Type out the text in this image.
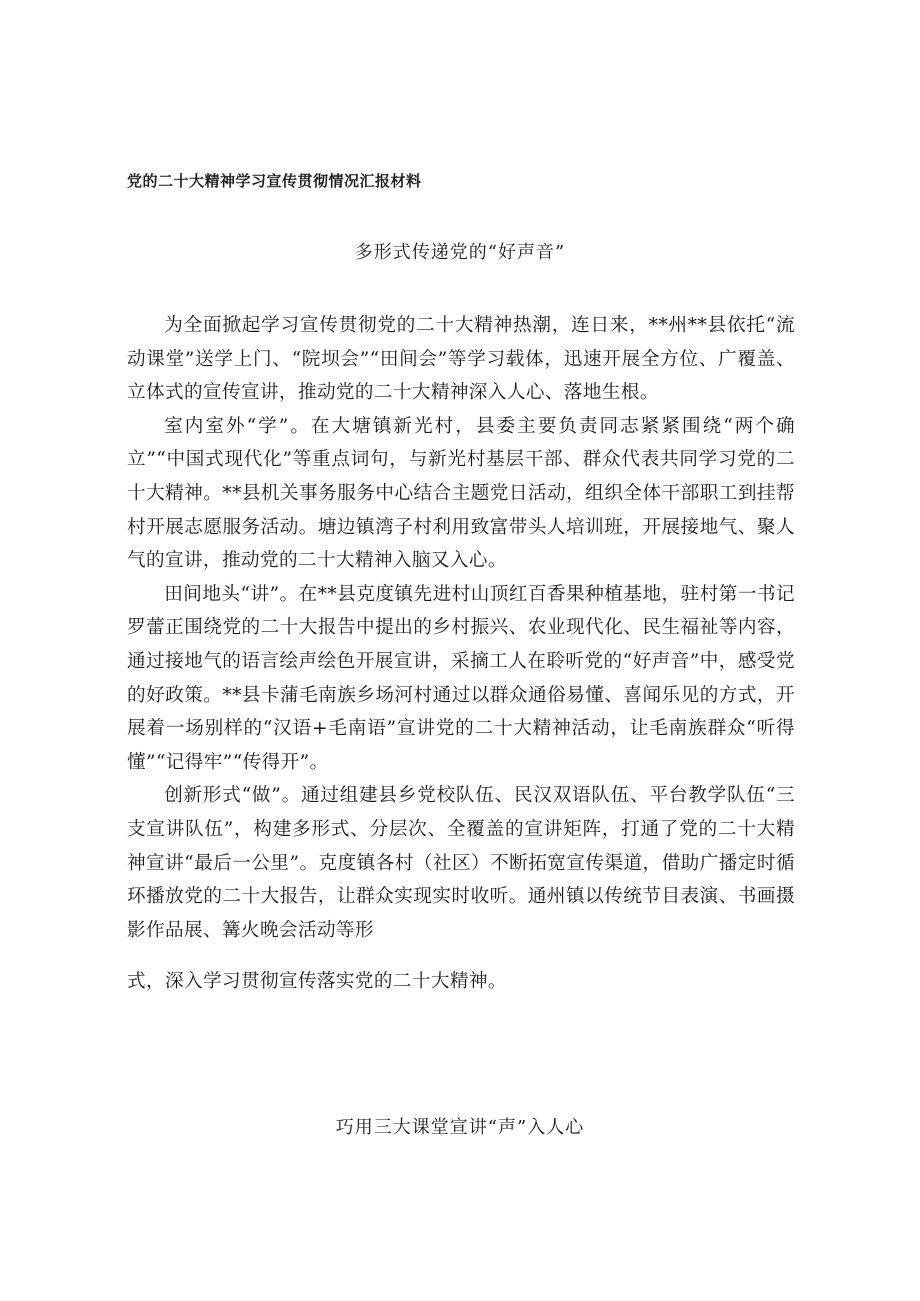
党的二十大精神学习宣传贯彻情况汇报材料
多形式传递党的“好声音”

为全面掀起学习宣传贯彻党的二十大精神热潮，连日来，**州**县依托“流动课堂”送学上门、“院坝会”“田间会”等学习载体，迅速开展全方位、广覆盖、立体式的宣传宣讲，推动党的二十大精神深入人心、落地生根。

室内室外“学”。在大塘镇新光村，县委主要负责同志紧紧围绕“两个确立”“中国式现代化”等重点词句，与新光村基层干部、群众代表共同学习党的二十大精神。**县机关事务服务中心结合主题党日活动，组织全体干部职工到挂帮村开展志愿服务活动。塘边镇湾子村利用致富带头人培训班，开展接地气、聚人气的宣讲，推动党的二十大精神入脑又入心。

田间地头“讲”。在**县克度镇先进村山顶红百香果种植基地，驻村第一书记罗蕾正围绕党的二十大报告中提出的乡村振兴、农业现代化、民生福祉等内容，通过接地气的语言绘声绘色开展宣讲，采摘工人在聆听党的“好声音”中，感受党的好政策。**县卡蒲毛南族乡场河村通过以群众通俗易懂、喜闻乐见的方式，开展着一场别样的“汉语+毛南语”宣讲党的二十大精神活动，让毛南族群众“听得懂”“记得牢”“传得开”。

创新形式“做”。通过组建县乡党校队伍、民汉双语队伍、平台教学队伍“三支宣讲队伍”，构建多形式、分层次、全覆盖的宣讲矩阵，打通了党的二十大精神宣讲“最后一公里”。克度镇各村（社区）不断拓宽宣传渠道，借助广播定时循环播放党的二十大报告，让群众实现实时收听。通州镇以传统节目表演、书画摄影作品展、篝火晚会活动等形

式，深入学习贯彻宣传落实党的二十大精神。

巧用三大课堂宣讲“声”入人心
